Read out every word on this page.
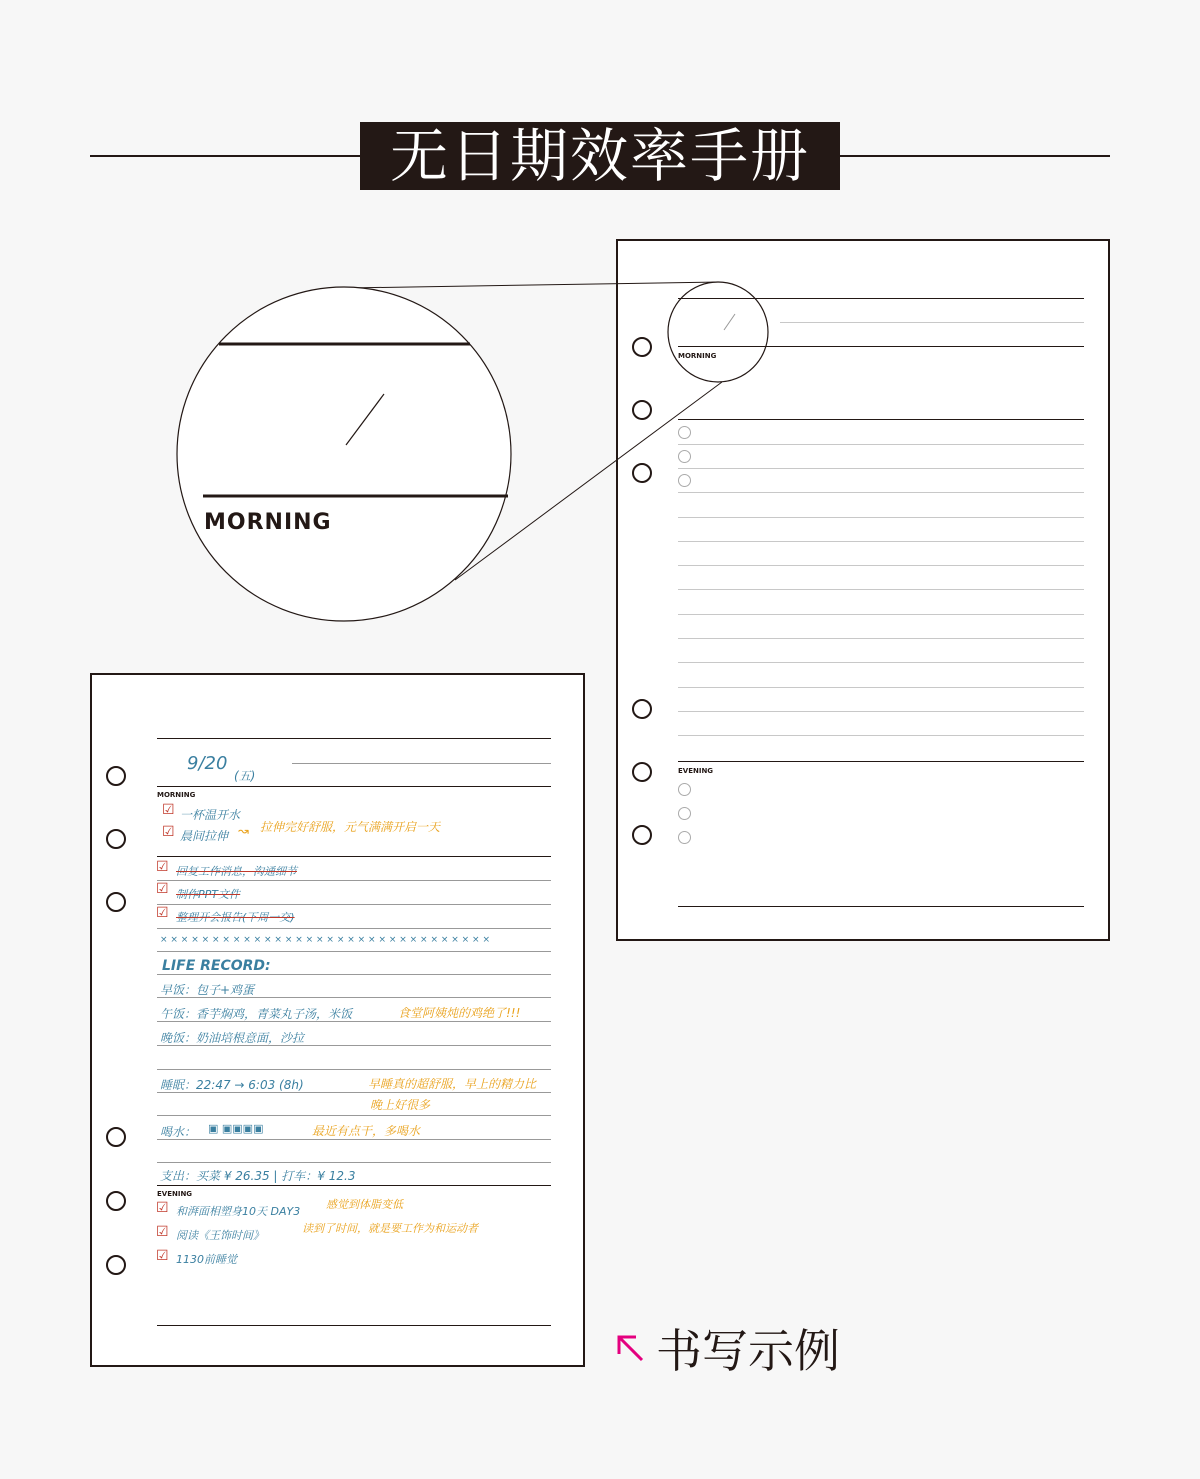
无日期效率手册
MORNING
EVENING
MORNING
9/20
(五)
MORNING
☑ 一杯温开水
☑ 晨间拉伸 ↝ 拉伸完好舒服，元气满满开启一天
☑ 回复工作消息，沟通细节
☑ 制作PPT文件
☑ 整理开会报告(下周一交)
× × × × × × × × × × × × × × × × × × × × × × × × × × × × × × × ×
LIFE RECORD:
早饭：包子+鸡蛋
午饭：香芋焖鸡，青菜丸子汤，米饭	食堂阿姨炖的鸡绝了!!!
晚饭：奶油培根意面，沙拉
睡眠：22:47 → 6:03 (8h)	早睡真的超舒服，早上的精力比
晚上好很多
喝水： ▣ ▣▣▣▣	最近有点干，多喝水
支出：买菜 ¥ 26.35 | 打车：¥ 12.3
EVENING
☑ 和湃面相塑身10天 DAY3
感觉到体脂变低
☑ 阅读《王饰时间》
读到了时间，就是要工作为和运动者
☑ 1130前睡觉
书写示例
